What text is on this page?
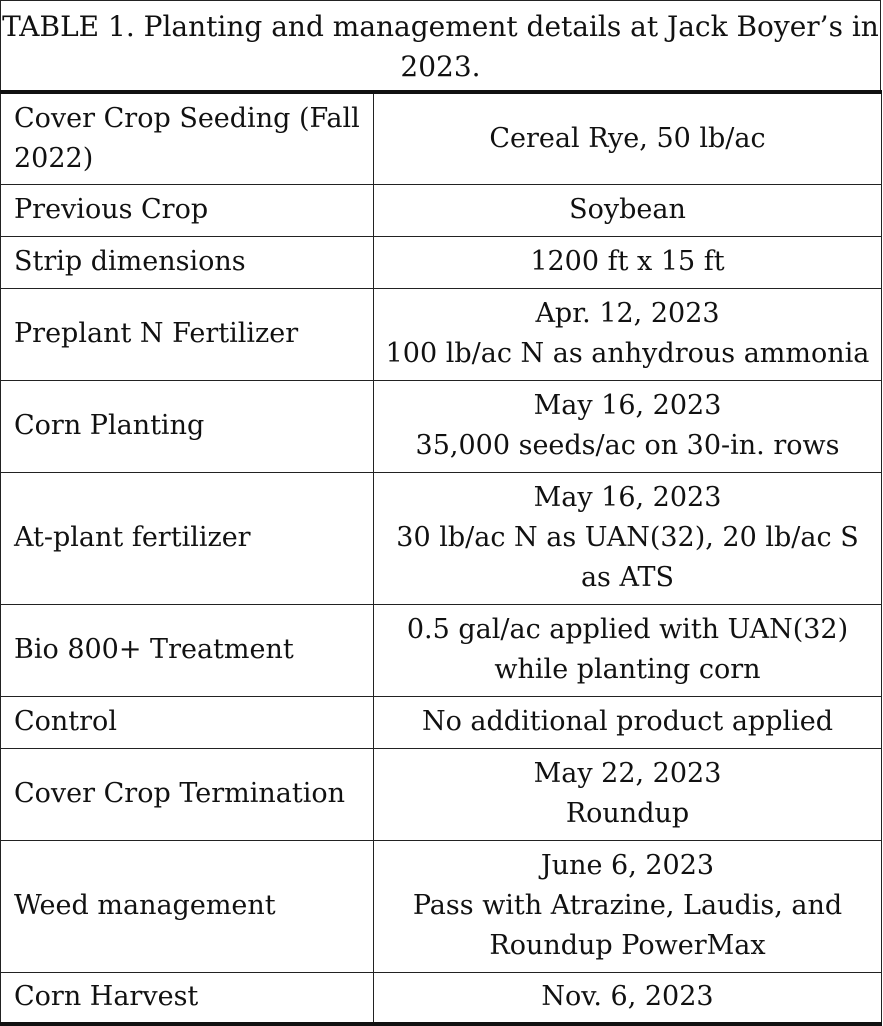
TABLE 1. Planting and management details at Jack Boyer’s in 2023.
Cover Crop Seeding (Fall 2022)	Cereal Rye, 50 lb/ac

Previous Crop	Soybean

Strip dimensions	1200 ft x 15 ft

Preplant N Fertilizer	Apr. 12, 2023
100 lb/ac N as anhydrous ammonia

Corn Planting	May 16, 2023
35,000 seeds/ac on 30-in. rows

At-plant fertilizer	May 16, 2023
30 lb/ac N as UAN(32), 20 lb/ac S as ATS

Bio 800+ Treatment	0.5 gal/ac applied with UAN(32) while planting corn

Control	No additional product applied

Cover Crop Termination	May 22, 2023
Roundup

Weed management	June 6, 2023
Pass with Atrazine, Laudis, and Roundup PowerMax

Corn Harvest	Nov. 6, 2023
